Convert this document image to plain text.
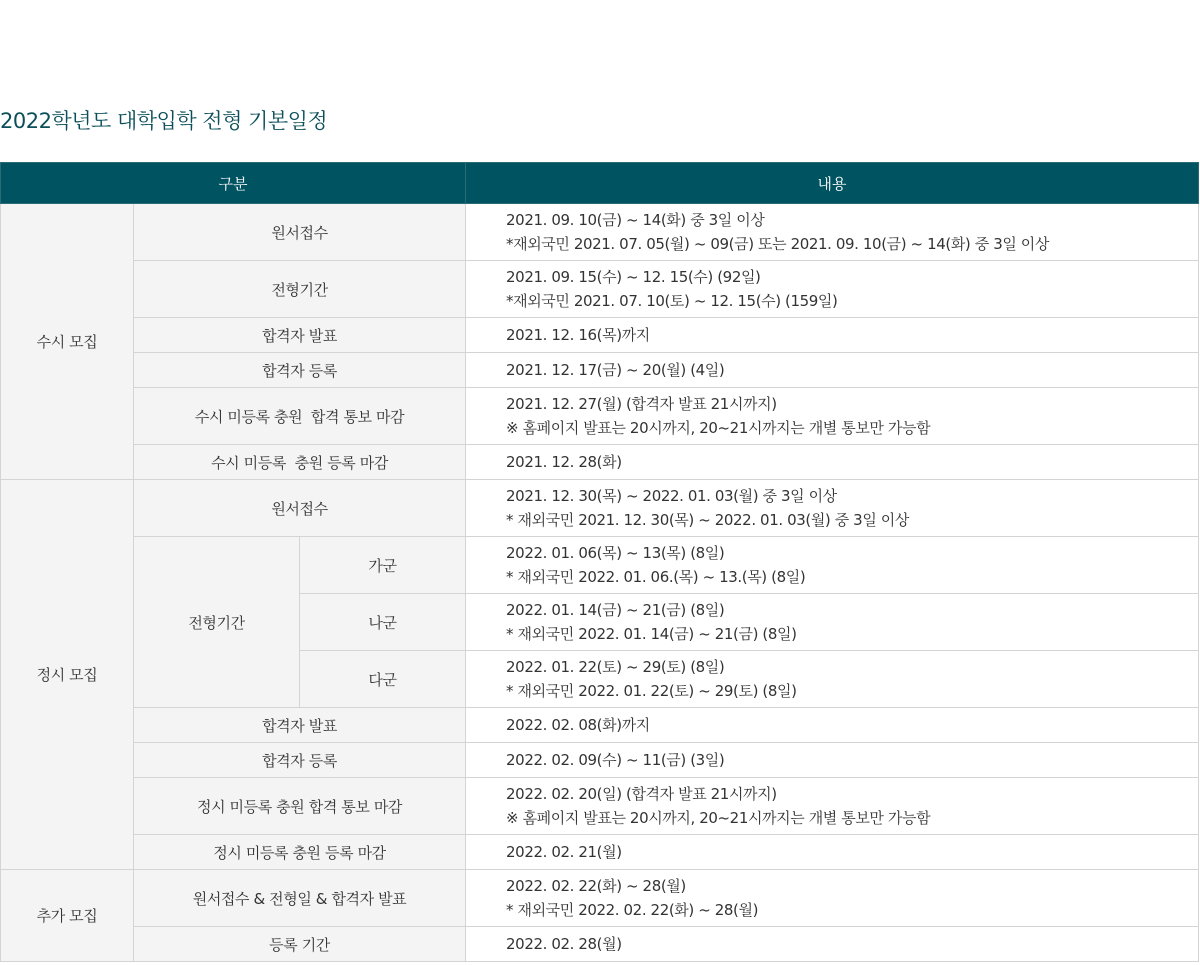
2022학년도 대학입학 전형 기본일정
구분			내용
수시 모집	원서접수		2021. 09. 10(금) ~ 14(화) 중 3일 이상
*재외국민 2021. 07. 05(월) ~ 09(금) 또는 2021. 09. 10(금) ~ 14(화) 중 3일 이상

	전형기간		2021. 09. 15(수) ~ 12. 15(수) (92일)
*재외국민 2021. 07. 10(토) ~ 12. 15(수) (159일)

	합격자 발표		2021. 12. 16(목)까지

	합격자 등록		2021. 12. 17(금) ~ 20(월) (4일)

	수시 미등록 충원  합격 통보 마감		2021. 12. 27(월) (합격자 발표 21시까지)
※ 홈페이지 발표는 20시까지, 20~21시까지는 개별 통보만 가능함

	수시 미등록  충원 등록 마감		2021. 12. 28(화)

정시 모집	원서접수		2021. 12. 30(목) ~ 2022. 01. 03(월) 중 3일 이상
* 재외국민 2021. 12. 30(목) ~ 2022. 01. 03(월) 중 3일 이상

	전형기간	가군	2022. 01. 06(목) ~ 13(목) (8일)
* 재외국민 2022. 01. 06.(목) ~ 13.(목) (8일)

		나군	2022. 01. 14(금) ~ 21(금) (8일)
* 재외국민 2022. 01. 14(금) ~ 21(금) (8일)

		다군	2022. 01. 22(토) ~ 29(토) (8일)
* 재외국민 2022. 01. 22(토) ~ 29(토) (8일)

	합격자 발표		2022. 02. 08(화)까지

	합격자 등록		2022. 02. 09(수) ~ 11(금) (3일)

	정시 미등록 충원 합격 통보 마감		2022. 02. 20(일) (합격자 발표 21시까지)
※ 홈페이지 발표는 20시까지, 20~21시까지는 개별 통보만 가능함

	정시 미등록 충원 등록 마감		2022. 02. 21(월)

추가 모집	원서접수 & 전형일 & 합격자 발표		2022. 02. 22(화) ~ 28(월)
* 재외국민 2022. 02. 22(화) ~ 28(월)

	등록 기간		2022. 02. 28(월)
